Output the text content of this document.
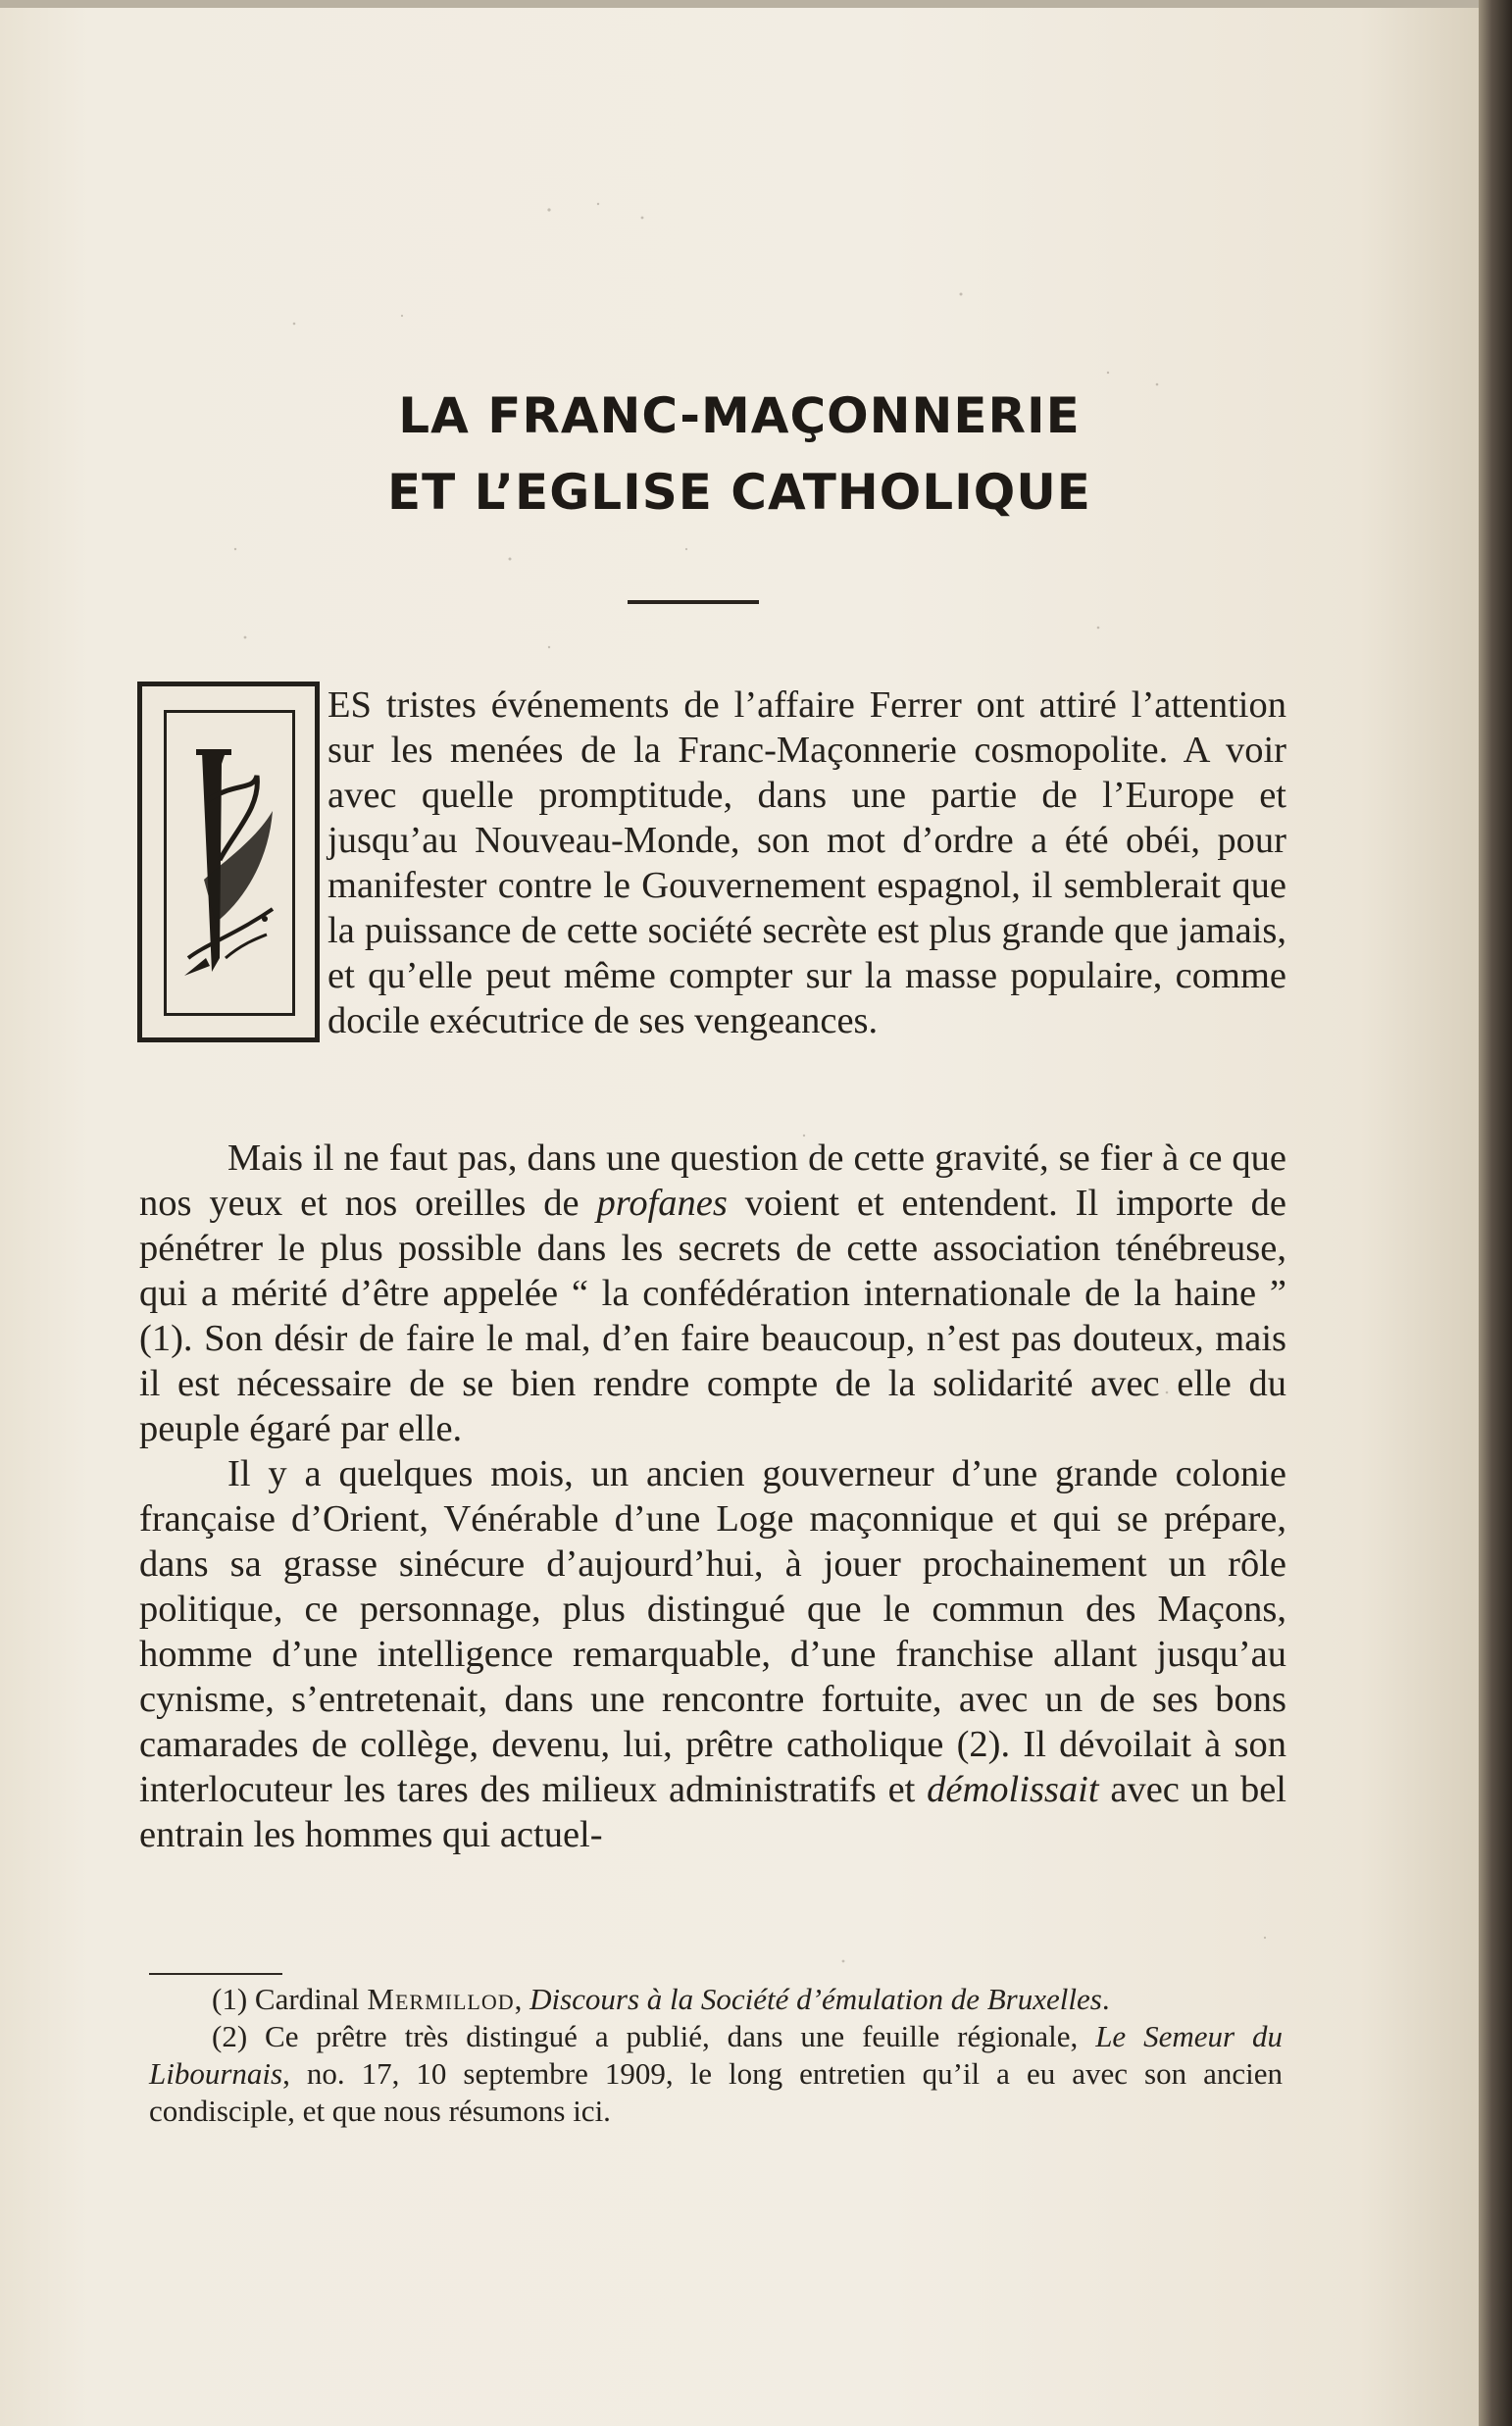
LA FRANC-MAÇONNERIE
ET L’EGLISE CATHOLIQUE
ES tristes événements de l’affaire Ferrer ont attiré l’attention sur les menées de la Franc-Maçonnerie cosmopolite. A voir avec quelle promptitude, dans une partie de l’Europe et jusqu’au Nouveau-Monde, son mot d’ordre a été obéi, pour manifester contre le Gouvernement espagnol, il semblerait que la puissance de cette société secrète est plus grande que jamais, et qu’elle peut même compter sur la masse populaire, comme docile exécutrice de ses vengeances.

Mais il ne faut pas, dans une question de cette gravité, se fier à ce que nos yeux et nos oreilles de profanes voient et entendent. Il importe de pénétrer le plus possible dans les secrets de cette association ténébreuse, qui a mérité d’être appelée “ la confédération internationale de la haine ” (1). Son désir de faire le mal, d’en faire beaucoup, n’est pas douteux, mais il est nécessaire de se bien rendre compte de la solidarité avec elle du peuple égaré par elle.

Il y a quelques mois, un ancien gouverneur d’une grande colonie française d’Orient, Vénérable d’une Loge maçonnique et qui se prépare, dans sa grasse sinécure d’aujourd’hui, à jouer prochainement un rôle politique, ce personnage, plus distingué que le commun des Maçons, homme d’une intelligence remarquable, d’une franchise allant jusqu’au cynisme, s’entretenait, dans une rencontre fortuite, avec un de ses bons camarades de collège, devenu, lui, prêtre catholique (2). Il dévoilait à son interlocuteur les tares des milieux administratifs et démolissait avec un bel entrain les hommes qui actuel-

(1) Cardinal Mermillod, Discours à la Société d’émulation de Bruxelles.

(2) Ce prêtre très distingué a publié, dans une feuille régionale, Le Semeur du Libournais, no. 17, 10 septembre 1909, le long entretien qu’il a eu avec son ancien condisciple, et que nous résumons ici.
